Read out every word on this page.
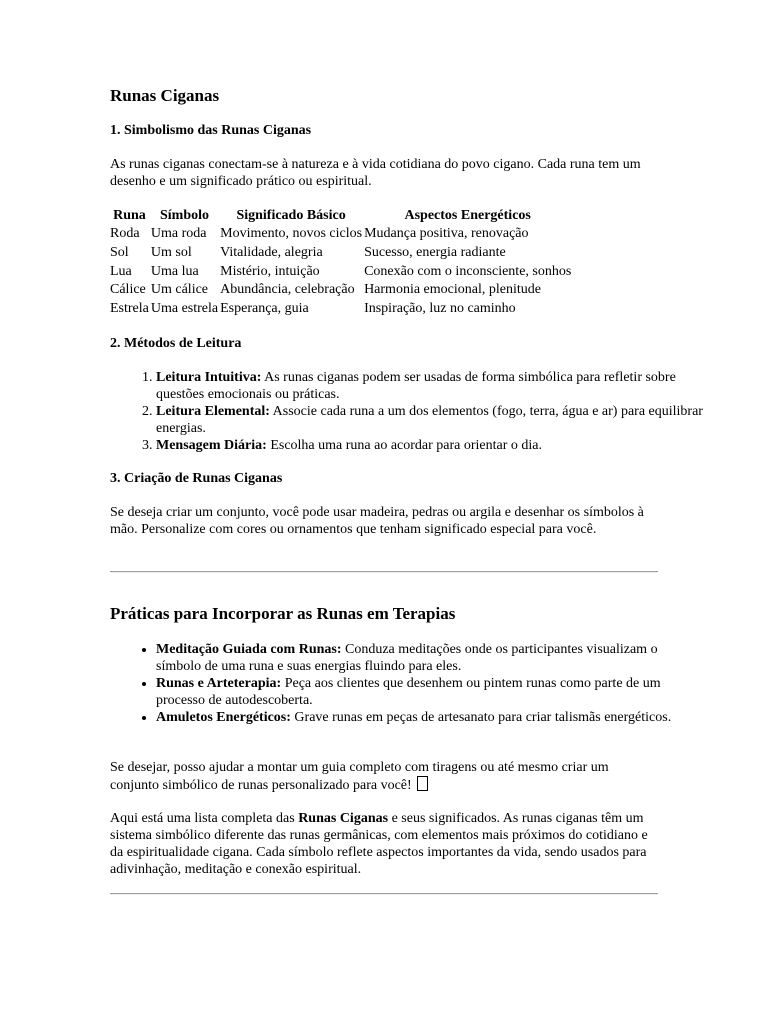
Runas Ciganas
1. Simbolismo das Runas Ciganas

As runas ciganas conectam-se à natureza e à vida cotidiana do povo cigano. Cada runa tem um desenho e um significado prático ou espiritual.

Runa	Símbolo	Significado Básico	Aspectos Energéticos
Roda	Uma roda	Movimento, novos ciclos	Mudança positiva, renovação
Sol	Um sol	Vitalidade, alegria	Sucesso, energia radiante
Lua	Uma lua	Mistério, intuição	Conexão com o inconsciente, sonhos
Cálice	Um cálice	Abundância, celebração	Harmonia emocional, plenitude
Estrela	Uma estrela	Esperança, guia	Inspiração, luz no caminho
2. Métodos de Leitura
1. Leitura Intuitiva: As runas ciganas podem ser usadas de forma simbólica para refletir sobre questões emocionais ou práticas.
2. Leitura Elemental: Associe cada runa a um dos elementos (fogo, terra, água e ar) para equilibrar energias.
3. Mensagem Diária: Escolha uma runa ao acordar para orientar o dia.
3. Criação de Runas Ciganas

Se deseja criar um conjunto, você pode usar madeira, pedras ou argila e desenhar os símbolos à mão. Personalize com cores ou ornamentos que tenham significado especial para você.

Práticas para Incorporar as Runas em Terapias
• Meditação Guiada com Runas: Conduza meditações onde os participantes visualizam o símbolo de uma runa e suas energias fluindo para eles.
• Runas e Arteterapia: Peça aos clientes que desenhem ou pintem runas como parte de um processo de autodescoberta.
• Amuletos Energéticos: Grave runas em peças de artesanato para criar talismãs energéticos.

Se desejar, posso ajudar a montar um guia completo com tiragens ou até mesmo criar um conjunto simbólico de runas personalizado para você!

Aqui está uma lista completa das Runas Ciganas e seus significados. As runas ciganas têm um sistema simbólico diferente das runas germânicas, com elementos mais próximos do cotidiano e da espiritualidade cigana. Cada símbolo reflete aspectos importantes da vida, sendo usados para adivinhação, meditação e conexão espiritual.
